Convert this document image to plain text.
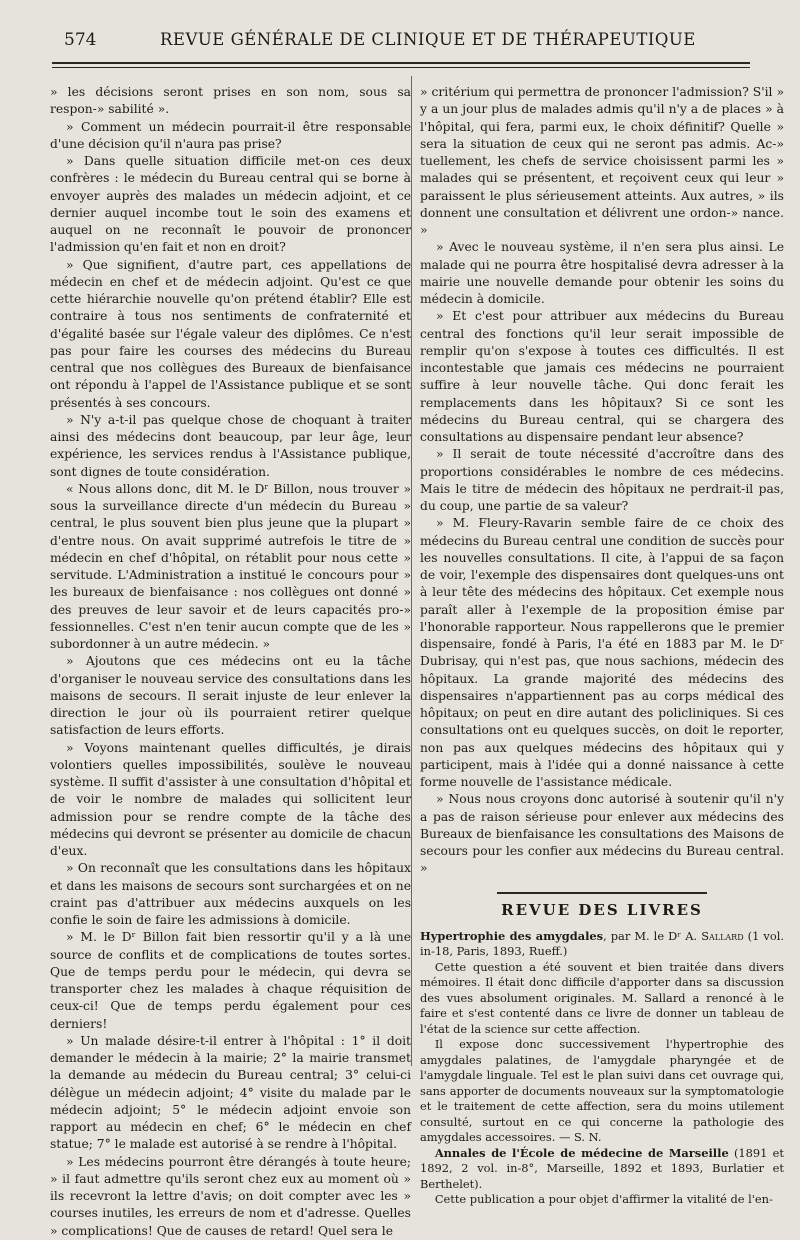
574	REVUE GÉNÉRALE DE CLINIQUE ET DE THÉRAPEUTIQUE

» les décisions seront prises en son nom, sous sa respon-» sabilité ».

» Comment un médecin pourrait-il être responsable d'une décision qu'il n'aura pas prise?

» Dans quelle situation difficile met-on ces deux confrères : le médecin du Bureau central qui se borne à envoyer auprès des malades un médecin adjoint, et ce dernier auquel incombe tout le soin des examens et auquel on ne reconnaît le pouvoir de prononcer l'admission qu'en fait et non en droit?

» Que signifient, d'autre part, ces appellations de médecin en chef et de médecin adjoint. Qu'est ce que cette hiérarchie nouvelle qu'on prétend établir? Elle est contraire à tous nos sentiments de confraternité et d'égalité basée sur l'égale valeur des diplômes. Ce n'est pas pour faire les courses des médecins du Bureau central que nos collègues des Bureaux de bienfaisance ont répondu à l'appel de l'Assistance publique et se sont présentés à ses concours.

» N'y a-t-il pas quelque chose de choquant à traiter ainsi des médecins dont beaucoup, par leur âge, leur expérience, les services rendus à l'Assistance publique, sont dignes de toute considération.

« Nous allons donc, dit M. le Dʳ Billon, nous trouver » sous la surveillance directe d'un médecin du Bureau » central, le plus souvent bien plus jeune que la plupart » d'entre nous. On avait supprimé autrefois le titre de » médecin en chef d'hôpital, on rétablit pour nous cette » servitude. L'Administration a institué le concours pour » les bureaux de bienfaisance : nos collègues ont donné » des preuves de leur savoir et de leurs capacités pro-» fessionnelles. C'est n'en tenir aucun compte que de les » subordonner à un autre médecin. »

» Ajoutons que ces médecins ont eu la tâche d'organiser le nouveau service des consultations dans les maisons de secours. Il serait injuste de leur enlever la direction le jour où ils pourraient retirer quelque satisfaction de leurs efforts.

» Voyons maintenant quelles difficultés, je dirais volontiers quelles impossibilités, soulève le nouveau système. Il suffit d'assister à une consultation d'hôpital et de voir le nombre de malades qui sollicitent leur admission pour se rendre compte de la tâche des médecins qui devront se présenter au domicile de chacun d'eux.

» On reconnaît que les consultations dans les hôpitaux et dans les maisons de secours sont surchargées et on ne craint pas d'attribuer aux médecins auxquels on les confie le soin de faire les admissions à domicile.

» M. le Dʳ Billon fait bien ressortir qu'il y a là une source de conflits et de complications de toutes sortes. Que de temps perdu pour le médecin, qui devra se transporter chez les malades à chaque réquisition de ceux-ci! Que de temps perdu également pour ces derniers!

» Un malade désire-t-il entrer à l'hôpital : 1° il doit demander le médecin à la mairie; 2° la mairie transmet la demande au médecin du Bureau central; 3° celui-ci délègue un médecin adjoint; 4° visite du malade par le médecin adjoint; 5° le médecin adjoint envoie son rapport au médecin en chef; 6° le médecin en chef statue; 7° le malade est autorisé à se rendre à l'hôpital.

» Les médecins pourront être dérangés à toute heure; » il faut admettre qu'ils seront chez eux au moment où » ils recevront la lettre d'avis; on doit compter avec les » courses inutiles, les erreurs de nom et d'adresse. Quelles » complications! Que de causes de retard! Quel sera le

» critérium qui permettra de prononcer l'admission? S'il » y a un jour plus de malades admis qu'il n'y a de places » à l'hôpital, qui fera, parmi eux, le choix définitif? Quelle » sera la situation de ceux qui ne seront pas admis. Ac-» tuellement, les chefs de service choisissent parmi les » malades qui se présentent, et reçoivent ceux qui leur » paraissent le plus sérieusement atteints. Aux autres, » ils donnent une consultation et délivrent une ordon-» nance. »

» Avec le nouveau système, il n'en sera plus ainsi. Le malade qui ne pourra être hospitalisé devra adresser à la mairie une nouvelle demande pour obtenir les soins du médecin à domicile.

» Et c'est pour attribuer aux médecins du Bureau central des fonctions qu'il leur serait impossible de remplir qu'on s'expose à toutes ces difficultés. Il est incontestable que jamais ces médecins ne pourraient suffire à leur nouvelle tâche. Qui donc ferait les remplacements dans les hôpitaux? Si ce sont les médecins du Bureau central, qui se chargera des consultations au dispensaire pendant leur absence?

» Il serait de toute nécessité d'accroître dans des proportions considérables le nombre de ces médecins. Mais le titre de médecin des hôpitaux ne perdrait-il pas, du coup, une partie de sa valeur?

» M. Fleury-Ravarin semble faire de ce choix des médecins du Bureau central une condition de succès pour les nouvelles consultations. Il cite, à l'appui de sa façon de voir, l'exemple des dispensaires dont quelques-uns ont à leur tête des médecins des hôpitaux. Cet exemple nous paraît aller à l'exemple de la proposition émise par l'honorable rapporteur. Nous rappellerons que le premier dispensaire, fondé à Paris, l'a été en 1883 par M. le Dʳ Dubrisay, qui n'est pas, que nous sachions, médecin des hôpitaux. La grande majorité des médecins des dispensaires n'appartiennent pas au corps médical des hôpitaux; on peut en dire autant des policliniques. Si ces consultations ont eu quelques succès, on doit le reporter, non pas aux quelques médecins des hôpitaux qui y participent, mais à l'idée qui a donné naissance à cette forme nouvelle de l'assistance médicale.

» Nous nous croyons donc autorisé à soutenir qu'il n'y a pas de raison sérieuse pour enlever aux médecins des Bureaux de bienfaisance les consultations des Maisons de secours pour les confier aux médecins du Bureau central. »

REVUE DES LIVRES

Hypertrophie des amygdales, par M. le Dʳ A. Sallard (1 vol. in-18, Paris, 1893, Rueff.)

Cette question a été souvent et bien traitée dans divers mémoires. Il était donc difficile d'apporter dans sa discussion des vues absolument originales. M. Sallard a renoncé à le faire et s'est contenté dans ce livre de donner un tableau de l'état de la science sur cette affection.

Il expose donc successivement l'hypertrophie des amygdales palatines, de l'amygdale pharyngée et de l'amygdale linguale. Tel est le plan suivi dans cet ouvrage qui, sans apporter de documents nouveaux sur la symptomatologie et le traitement de cette affection, sera du moins utilement consulté, surtout en ce qui concerne la pathologie des amygdales accessoires. — S. N.

Annales de l'École de médecine de Marseille (1891 et 1892, 2 vol. in-8°, Marseille, 1892 et 1893, Burlatier et Berthelet).

Cette publication a pour objet d'affirmer la vitalité de l'en-
